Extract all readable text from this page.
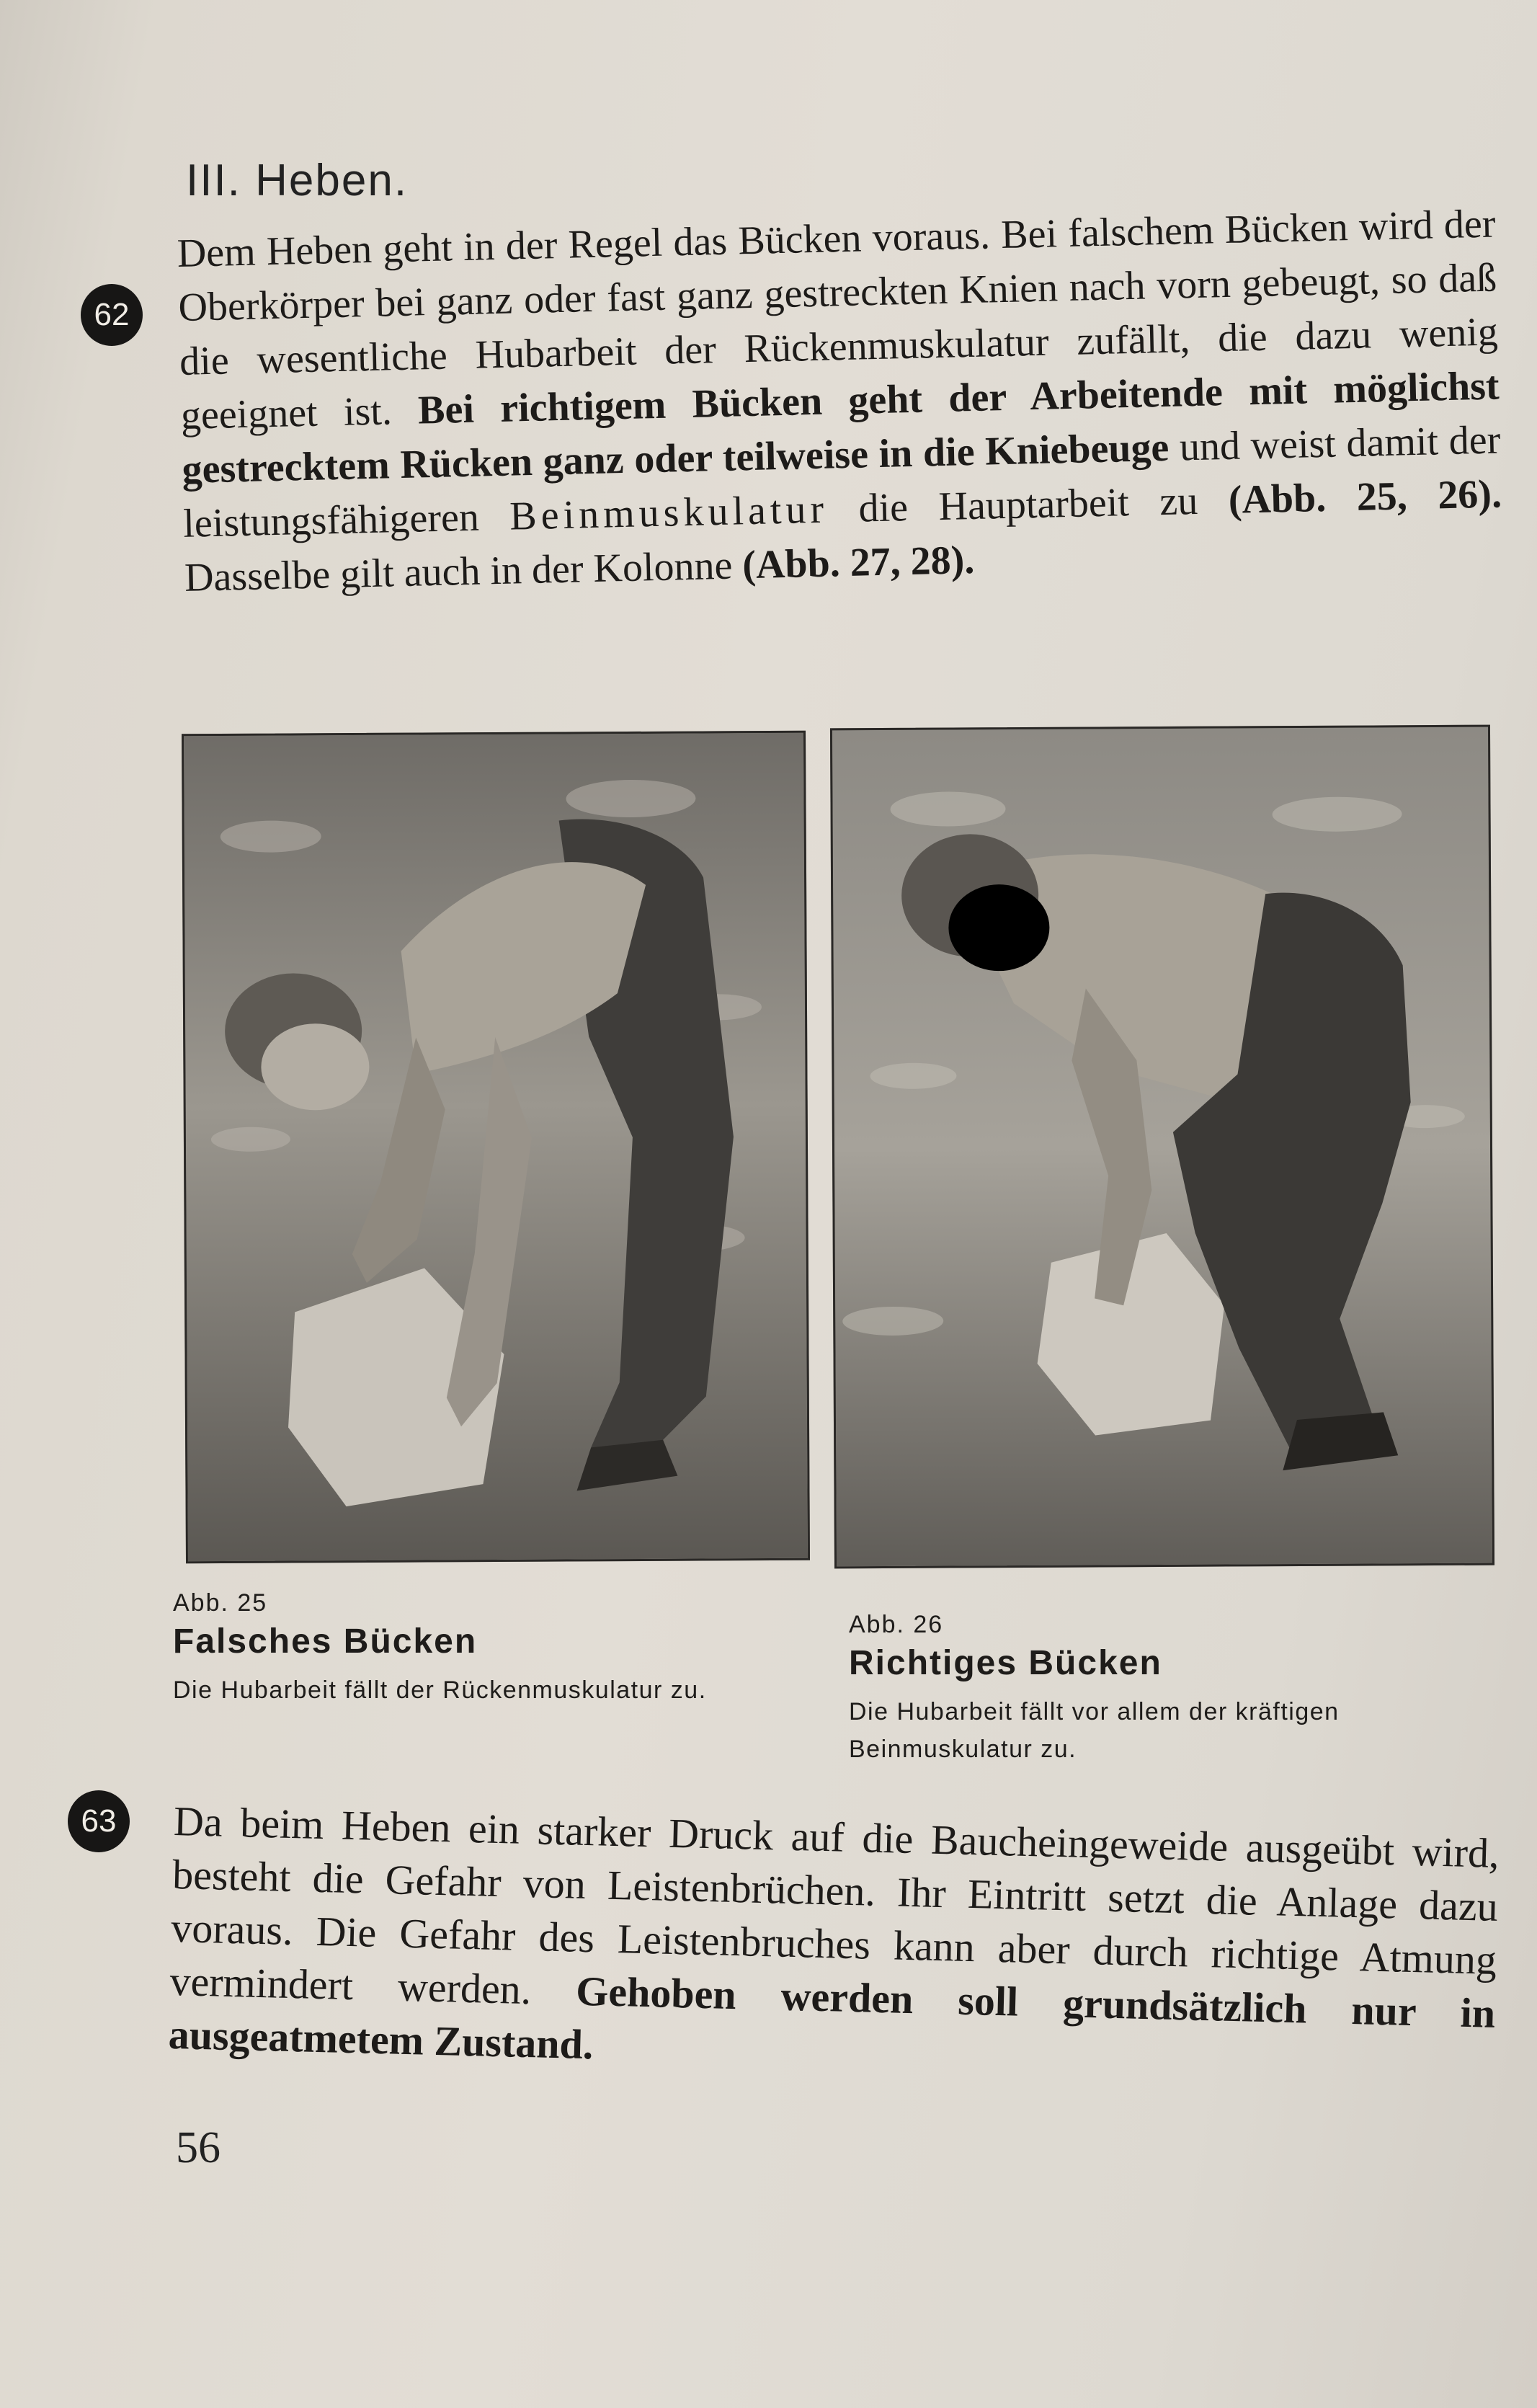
III. Heben.
62
Dem Heben geht in der Regel das Bücken voraus. Bei falschem Bücken wird der Oberkörper bei ganz oder fast ganz gestreckten Knien nach vorn gebeugt, so daß die wesentliche Hubarbeit der Rückenmuskulatur zufällt, die dazu wenig geeignet ist. Bei richtigem Bücken geht der Arbeitende mit möglichst gestrecktem Rücken ganz oder teilweise in die Kniebeuge und weist damit der leistungsfähigeren Beinmuskulatur die Hauptarbeit zu (Abb. 25, 26). Dasselbe gilt auch in der Kolonne (Abb. 27, 28).
Abb. 25
Falsches Bücken
Die Hubarbeit fällt der Rückenmuskulatur zu.
Abb. 26
Richtiges Bücken
Die Hubarbeit fällt vor allem der kräftigen Beinmuskulatur zu.
63	Da beim Heben ein starker Druck auf die Baucheingeweide ausgeübt wird, besteht die Gefahr von Leistenbrüchen. Ihr Eintritt setzt die Anlage dazu voraus. Die Gefahr des Leistenbruches kann aber durch richtige Atmung vermindert werden. Gehoben werden soll grundsätzlich nur in ausgeatmetem Zustand.
56
